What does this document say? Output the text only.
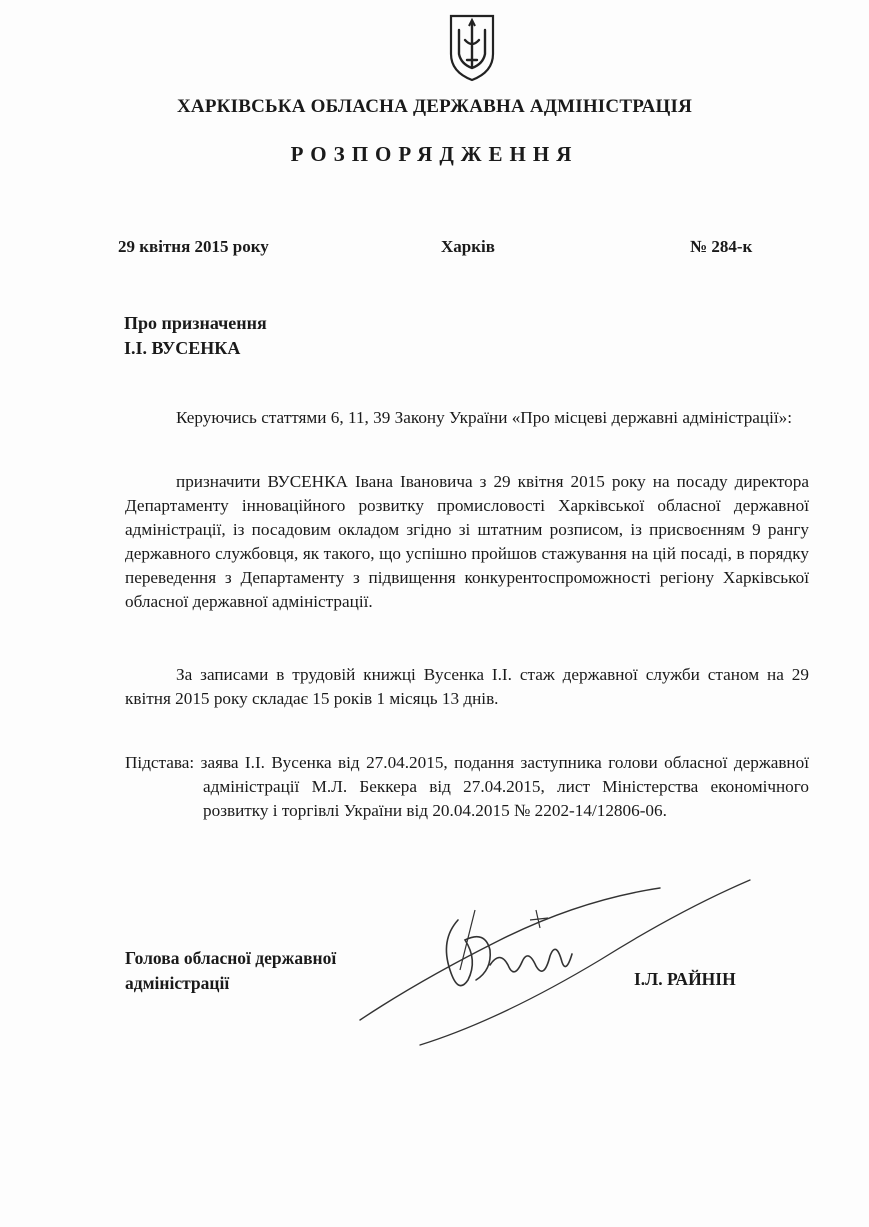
ХАРКІВСЬКА ОБЛАСНА ДЕРЖАВНА АДМІНІСТРАЦІЯ
РОЗПОРЯДЖЕННЯ
29 квітня 2015 року	Харків	№ 284-к
Про призначення
І.І. ВУСЕНКА
Керуючись статтями 6, 11, 39 Закону України «Про місцеві державні адміністрації»:
призначити ВУСЕНКА Івана Івановича з 29 квітня 2015 року на посаду директора Департаменту інноваційного розвитку промисловості Харківської обласної державної адміністрації, із посадовим окладом згідно зі штатним розписом, із присвоєнням 9 рангу державного службовця, як такого, що успішно пройшов стажування на цій посаді, в порядку переведення з Департаменту з підвищення конкурентоспроможності регіону Харківської обласної державної адміністрації.
За записами в трудовій книжці Вусенка І.І. стаж державної служби станом на 29 квітня 2015 року складає 15 років 1 місяць 13 днів.
Підстава: заява І.І. Вусенка від 27.04.2015, подання заступника голови обласної державної адміністрації М.Л. Беккера від 27.04.2015, лист Міністерства економічного розвитку і торгівлі України від 20.04.2015 № 2202-14/12806-06.
Голова обласної державної
адміністрації	І.Л. РАЙНІН
